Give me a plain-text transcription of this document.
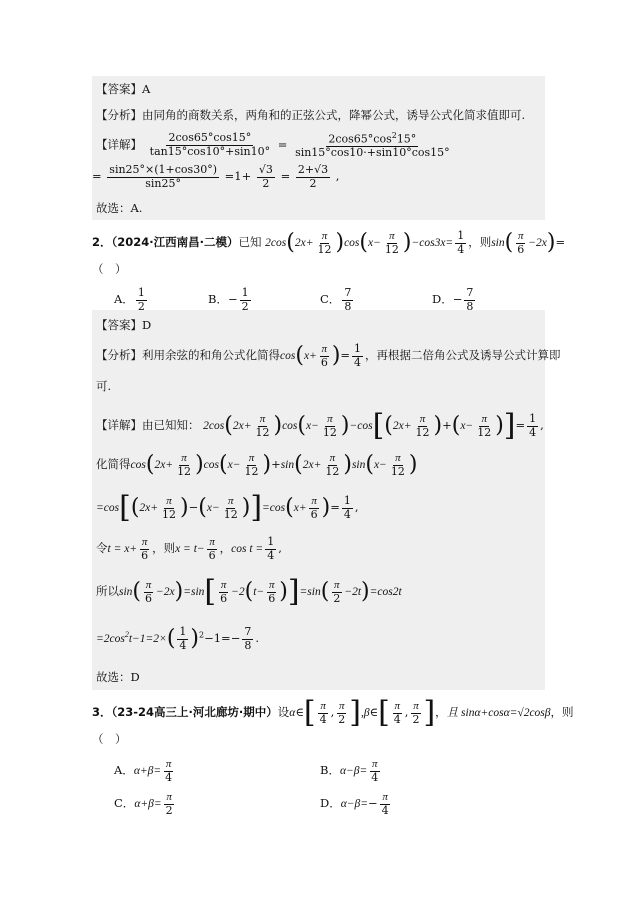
【答案】A
【分析】由同角的商数关系，两角和的正弦公式，降幂公式，诱导公式化简求值即可.
【详解】 $\frac{2\cos 65^\circ\cos 15^\circ}{\tan 15^\circ\cos 10^\circ+\sin 10^\circ} = \frac{2\cos 65^\circ\cos^215^\circ}{\sin 15^\circ\cos 10\cdot+\sin 10^\circ\cos 15^\circ}$
= $\frac{\sin 25^\circ\times(1+\cos 30^\circ)}{\sin 25^\circ} =1+ \frac{√3}{2} = \frac{2+√3}{2}$ ,
故选：A.
2．（2024·江西南昌·二模）已知 $2\cos(2x+ \frac{\pi}{12} )\cos(x- \frac{\pi}{12} )-\cos 3x= \frac{1}{4}$ ，则$\sin( \frac{\pi}{6} -2x)=$
（　）
A． $\frac{1}{2}$	B．− $\frac{1}{2}$	C． $\frac{7}{8}$	D．− $\frac{7}{8}$
【答案】D
【分析】利用余弦的和角公式化简得$\cos(x+ \frac{\pi}{6}$ )= $\frac{1}{4}$ ，再根据二倍角公式及诱导公式计算即
可.
【详解】由已知知： $2\cos(2x+ \frac{\pi}{12} )\cos(x- \frac{\pi}{12} )-\cos[(2x+ \frac{\pi}{12} )+(x- \frac{\pi}{12}$ )]= $\frac{1}{4}$ ,
化简得$\cos(2x+ \frac{\pi}{12} )\cos(x- \frac{\pi}{12} )+\sin(2x+ \frac{\pi}{12} )\sin(x- \frac{\pi}{12}$ )
$=\cos[(2x+ \frac{\pi}{12} )-(x- \frac{\pi}{12} )]=\cos(x+ \frac{\pi}{6}$ )= $\frac{1}{4}$ ,
令$t = x+ \frac{\pi}{6}$ ，则$x = t- \frac{\pi}{6}$ ，$\cos t = \frac{1}{4}$ ,
所以$\sin( \frac{\pi}{6} -2x)=\sin[ \frac{\pi}{6} -2(t- \frac{\pi}{6} )]=\sin( \frac{\pi}{2} -2t)=\cos 2t$
$=2\cos^2t-1=2\times( \frac{1}{4} )^2-1=- \frac{7}{8}$ .
故选：D
3．（23-24高三上·河北廊坊·期中）设α∈[ $\frac{\pi}{4}$ , $\frac{\pi}{2}$ ],β∈[ $\frac{\pi}{4}$ , $\frac{\pi}{2}$ ]，且 sinα+cosα=√2cosβ，则
（　）
A．$\alpha+\beta= \frac{\pi}{4}$	B．$\alpha-\beta= \frac{\pi}{4}$
C．$\alpha+\beta= \frac{\pi}{2}$	D．$\alpha-\beta=- \frac{\pi}{4}$
